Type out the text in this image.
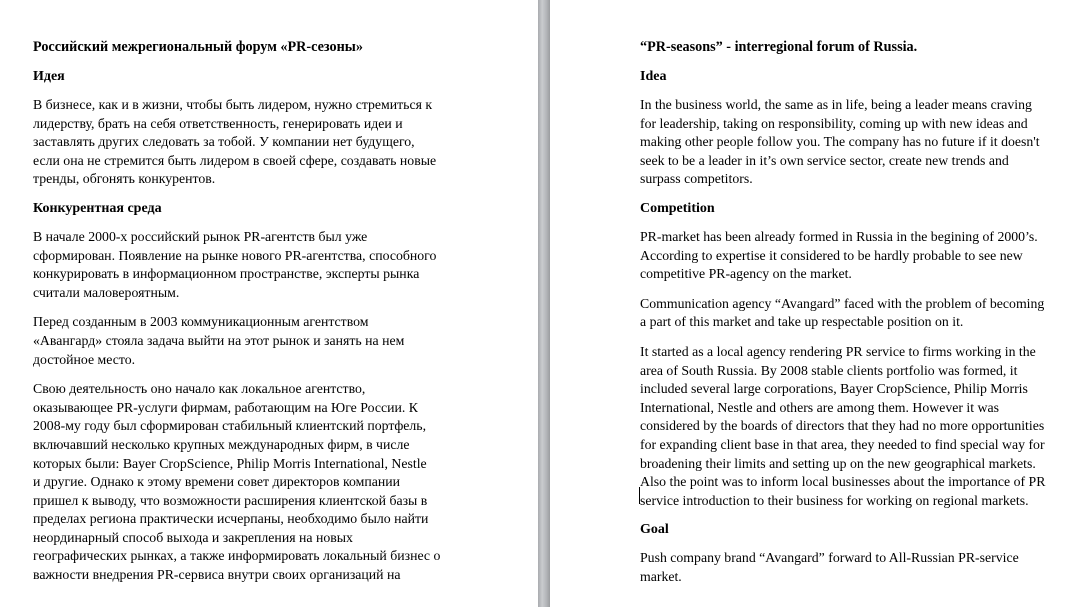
Российский межрегиональный форум «PR-сезоны»
Идея
В бизнесе, как и в жизни, чтобы быть лидером, нужно стремиться к
лидерству, брать на себя ответственность, генерировать идеи и
заставлять других следовать за тобой. У компании нет будущего,
если она не стремится быть лидером в своей сфере, создавать новые
тренды, обгонять конкурентов.
Конкурентная среда
В начале 2000-х российский рынок PR-агентств был уже
сформирован. Появление на рынке нового PR-агентства, способного
конкурировать в информационном пространстве, эксперты рынка
считали маловероятным.
Перед созданным в 2003 коммуникационным агентством
«Авангард» стояла задача выйти на этот рынок и занять на нем
достойное место.
Свою деятельность оно начало как локальное агентство,
оказывающее PR-услуги фирмам, работающим на Юге России. К
2008-му году был сформирован стабильный клиентский портфель,
включавший несколько крупных международных фирм, в числе
которых были: Bayer CropScience, Philip Morris International, Nestle
и другие. Однако к этому времени совет директоров компании
пришел к выводу, что возможности расширения клиентской базы в
пределах региона практически исчерпаны, необходимо было найти
неординарный способ выхода и закрепления на новых
географических рынках, а также информировать локальный бизнес о
важности внедрения PR-сервиса внутри своих организаций на
“PR-seasons” - interregional forum of Russia.
Idea
In the business world, the same as in life, being a leader means craving
for leadership, taking on responsibility, coming up with new ideas and
making other people follow you. The company has no future if it doesn't
seek to be a leader in it’s own service sector, create new trends and
surpass competitors.
Competition
PR-market has been already formed in Russia in the begining of 2000’s.
According to expertise it considered to be hardly probable to see new
competitive PR-agency on the market.
Communication agency “Avangard” faced with the problem of becoming
a part of this market and take up respectable position on it.
It started as a local agency rendering PR service to firms working in the
area of South Russia. By 2008 stable clients portfolio was formed, it
included several large corporations, Bayer CropScience, Philip Morris
International, Nestle and others are among them. However it was
considered by the boards of directors that they had no more opportunities
for expanding client base in that area, they needed to find special way for
broadening their limits and setting up on the new geographical markets.
Also the point was to inform local businesses about the importance of PR
service introduction to their business for working on regional markets.
Goal
Push company brand “Avangard” forward to All-Russian PR-service
market.
